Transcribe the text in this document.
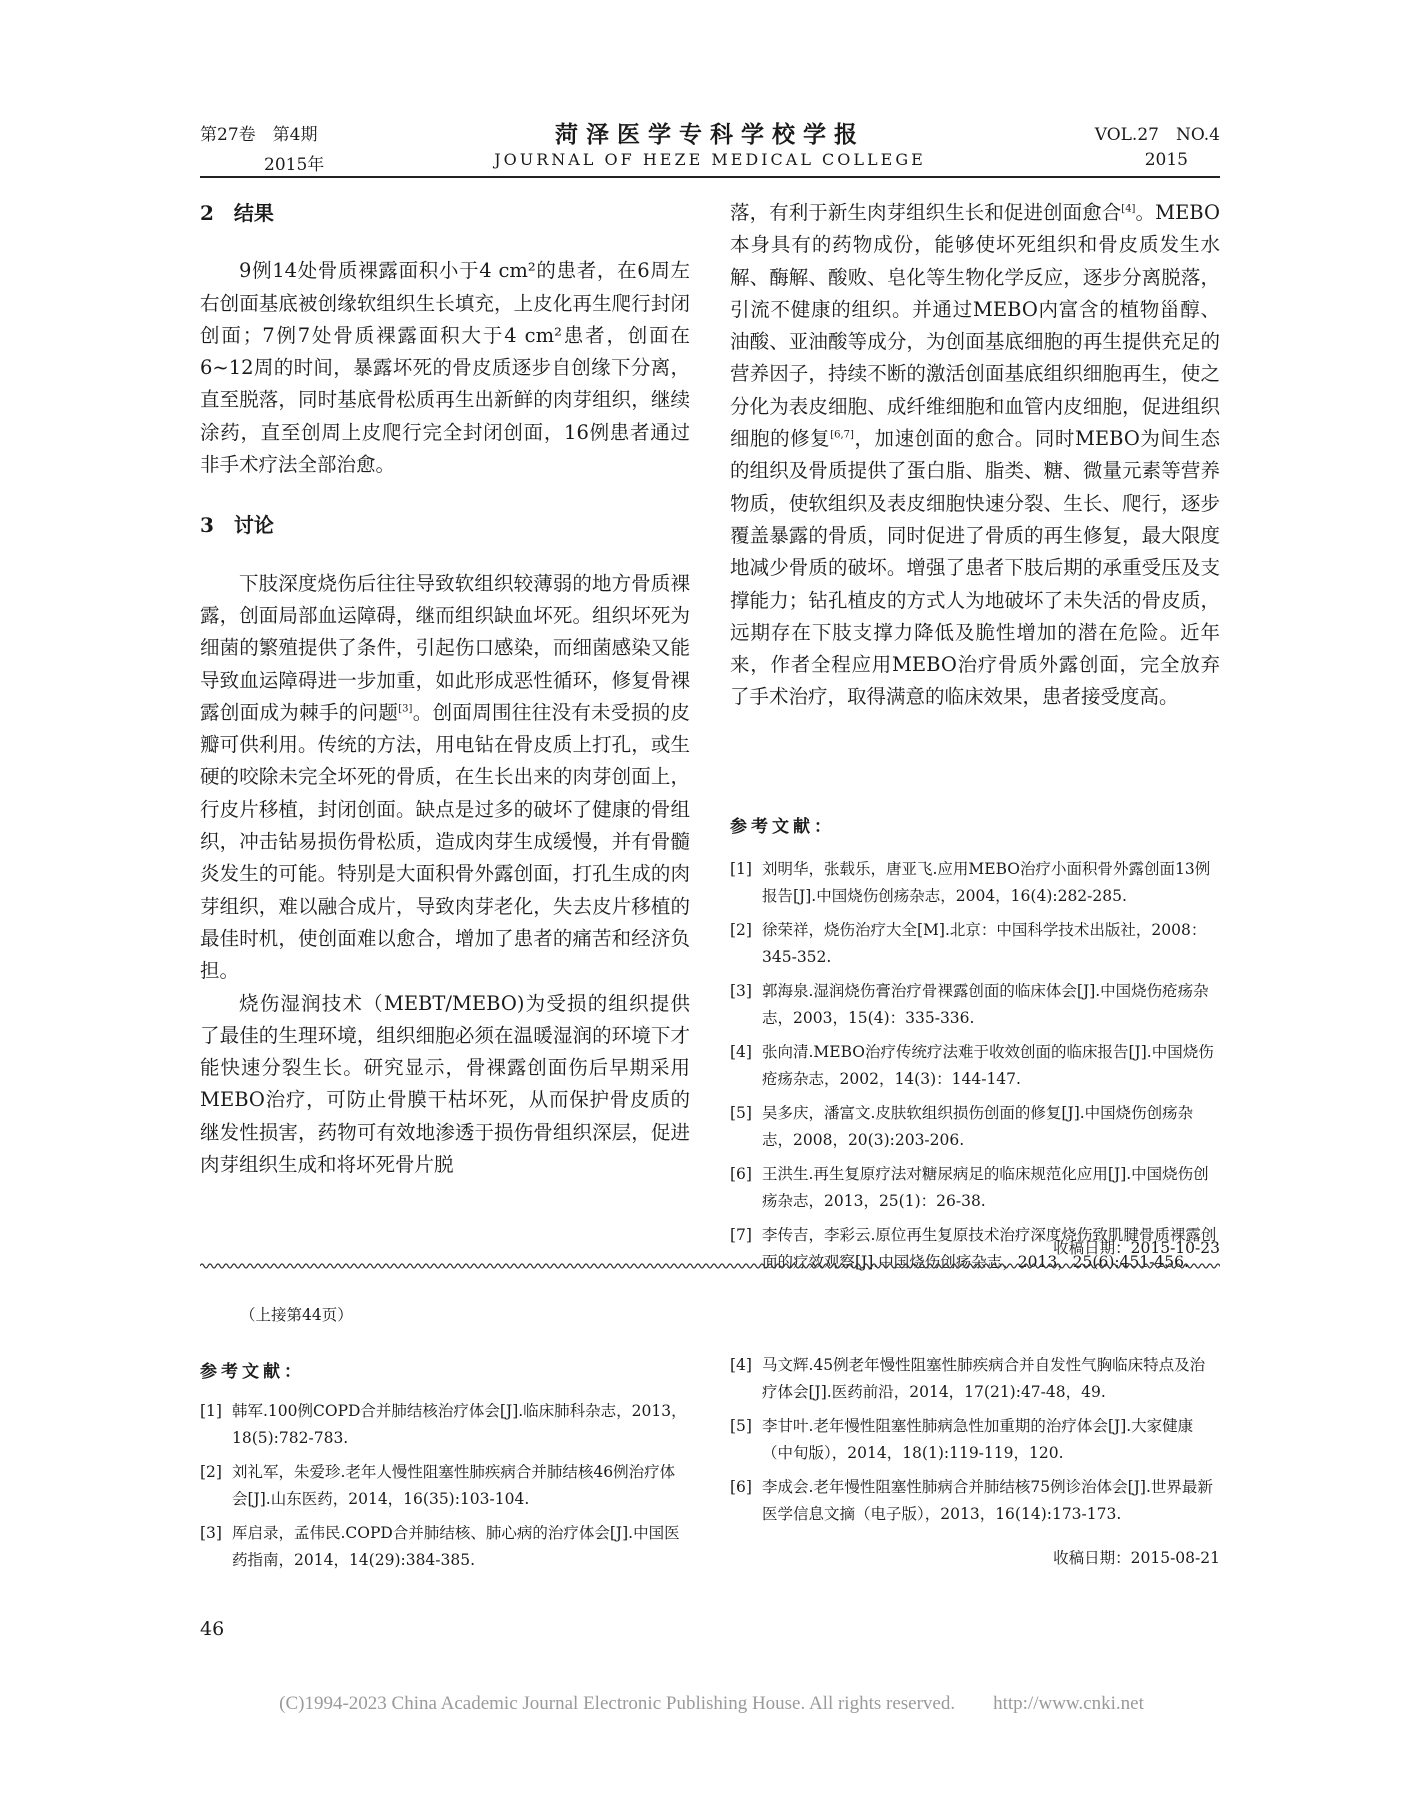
第27卷　第4期	VOL.27　NO.4
菏泽医学专科学校学报
2015年	JOURNAL OF HEZE MEDICAL COLLEGE	2015

2　结果

9例14处骨质裸露面积小于4 cm²的患者，在6周左右创面基底被创缘软组织生长填充，上皮化再生爬行封闭创面；7例7处骨质裸露面积大于4 cm²患者，创面在6~12周的时间，暴露坏死的骨皮质逐步自创缘下分离，直至脱落，同时基底骨松质再生出新鲜的肉芽组织，继续涂药，直至创周上皮爬行完全封闭创面，16例患者通过非手术疗法全部治愈。

3　讨论

下肢深度烧伤后往往导致软组织较薄弱的地方骨质裸露，创面局部血运障碍，继而组织缺血坏死。组织坏死为细菌的繁殖提供了条件，引起伤口感染，而细菌感染又能导致血运障碍进一步加重，如此形成恶性循环，修复骨裸露创面成为棘手的问题[3]。创面周围往往没有未受损的皮瓣可供利用。传统的方法，用电钻在骨皮质上打孔，或生硬的咬除未完全坏死的骨质，在生长出来的肉芽创面上，行皮片移植，封闭创面。缺点是过多的破坏了健康的骨组织，冲击钻易损伤骨松质，造成肉芽生成缓慢，并有骨髓炎发生的可能。特别是大面积骨外露创面，打孔生成的肉芽组织，难以融合成片，导致肉芽老化，失去皮片移植的最佳时机，使创面难以愈合，增加了患者的痛苦和经济负担。

烧伤湿润技术（MEBT/MEBO)为受损的组织提供了最佳的生理环境，组织细胞必须在温暖湿润的环境下才能快速分裂生长。研究显示，骨裸露创面伤后早期采用MEBO治疗，可防止骨膜干枯坏死，从而保护骨皮质的继发性损害，药物可有效地渗透于损伤骨组织深层，促进肉芽组织生成和将坏死骨片脱

落，有利于新生肉芽组织生长和促进创面愈合[4]。MEBO本身具有的药物成份，能够使坏死组织和骨皮质发生水解、酶解、酸败、皂化等生物化学反应，逐步分离脱落，引流不健康的组织。并通过MEBO内富含的植物甾醇、油酸、亚油酸等成分，为创面基底细胞的再生提供充足的营养因子，持续不断的激活创面基底组织细胞再生，使之分化为表皮细胞、成纤维细胞和血管内皮细胞，促进组织细胞的修复[6,7]，加速创面的愈合。同时MEBO为间生态的组织及骨质提供了蛋白脂、脂类、糖、微量元素等营养物质，使软组织及表皮细胞快速分裂、生长、爬行，逐步覆盖暴露的骨质，同时促进了骨质的再生修复，最大限度地减少骨质的破坏。增强了患者下肢后期的承重受压及支撑能力；钻孔植皮的方式人为地破坏了未失活的骨皮质，远期存在下肢支撑力降低及脆性增加的潜在危险。近年来，作者全程应用MEBO治疗骨质外露创面，完全放弃了手术治疗，取得满意的临床效果，患者接受度高。

参考文献：
[1] 刘明华，张载乐，唐亚飞.应用MEBO治疗小面积骨外露创面13例报告[J].中国烧伤创疡杂志，2004，16(4):282-285.
[2] 徐荣祥，烧伤治疗大全[M].北京：中国科学技术出版社，2008：345-352.
[3] 郭海泉.湿润烧伤膏治疗骨裸露创面的临床体会[J].中国烧伤疮疡杂志，2003，15(4)：335-336.
[4] 张向清.MEBO治疗传统疗法难于收效创面的临床报告[J].中国烧伤疮疡杂志，2002，14(3)：144-147.
[5] 吴多庆，潘富文.皮肤软组织损伤创面的修复[J].中国烧伤创疡杂志，2008，20(3):203-206.
[6] 王洪生.再生复原疗法对糖尿病足的临床规范化应用[J].中国烧伤创疡杂志，2013，25(1)：26-38.
[7] 李传吉，李彩云.原位再生复原技术治疗深度烧伤致肌腱骨质裸露创面的疗效观察[J].中国烧伤创疡杂志，2013，25(6):451-456.
收稿日期：2015-10-23
（上接第44页）
参考文献：
[1] 韩军.100例COPD合并肺结核治疗体会[J].临床肺科杂志，2013，18(5):782-783.
[2] 刘礼军，朱爱珍.老年人慢性阻塞性肺疾病合并肺结核46例治疗体会[J].山东医药，2014，16(35):103-104.
[3] 厍启录，孟伟民.COPD合并肺结核、肺心病的治疗体会[J].中国医药指南，2014，14(29):384-385.
[4] 马文辉.45例老年慢性阻塞性肺疾病合并自发性气胸临床特点及治疗体会[J].医药前沿，2014，17(21):47-48，49.
[5] 李甘叶.老年慢性阻塞性肺病急性加重期的治疗体会[J].大家健康（中旬版），2014，18(1):119-119，120.
[6] 李成会.老年慢性阻塞性肺病合并肺结核75例诊治体会[J].世界最新医学信息文摘（电子版），2013，16(14):173-173.
收稿日期：2015-08-21
46
(C)1994-2023 China Academic Journal Electronic Publishing House. All rights reserved.　　http://www.cnki.net
